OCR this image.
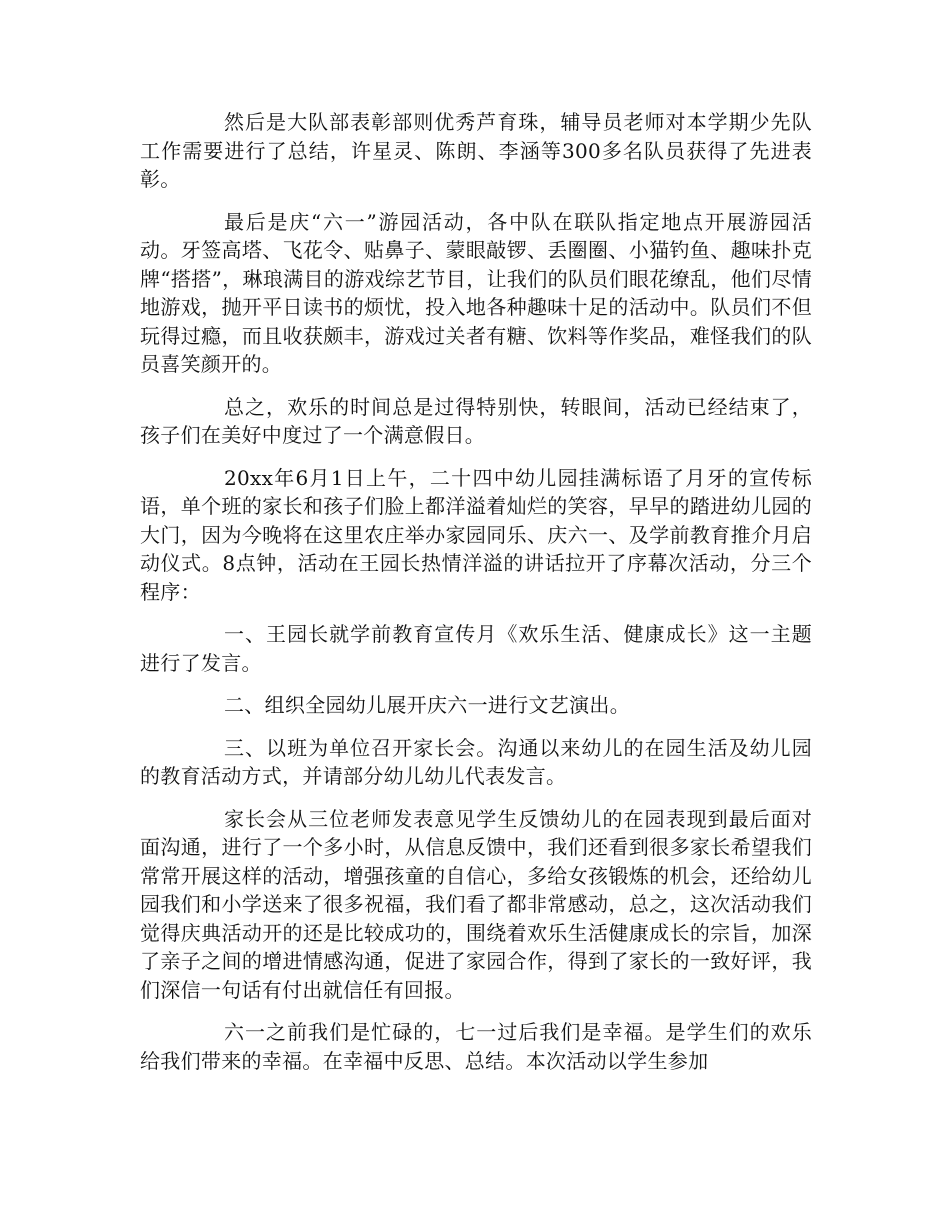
然后是大队部表彰部则优秀芦育珠，辅导员老师对本学期少先队工作需要进行了总结，许星灵、陈朗、李涵等300多名队员获得了先进表彰。

最后是庆“六一”游园活动，各中队在联队指定地点开展游园活动。牙签高塔、飞花令、贴鼻子、蒙眼敲锣、丢圈圈、小猫钓鱼、趣味扑克牌“搭搭”，琳琅满目的游戏综艺节目，让我们的队员们眼花缭乱，他们尽情地游戏，抛开平日读书的烦忧，投入地各种趣味十足的活动中。队员们不但玩得过瘾，而且收获颇丰，游戏过关者有糖、饮料等作奖品，难怪我们的队员喜笑颜开的。

总之，欢乐的时间总是过得特别快，转眼间，活动已经结束了，孩子们在美好中度过了一个满意假日。

20xx年6月1日上午，二十四中幼儿园挂满标语了月牙的宣传标语，单个班的家长和孩子们脸上都洋溢着灿烂的笑容，早早的踏进幼儿园的大门，因为今晚将在这里农庄举办家园同乐、庆六一、及学前教育推介月启动仪式。8点钟，活动在王园长热情洋溢的讲话拉开了序幕次活动，分三个程序：

一、王园长就学前教育宣传月《欢乐生活、健康成长》这一主题进行了发言。

二、组织全园幼儿展开庆六一进行文艺演出。

三、以班为单位召开家长会。沟通以来幼儿的在园生活及幼儿园的教育活动方式，并请部分幼儿幼儿代表发言。

家长会从三位老师发表意见学生反馈幼儿的在园表现到最后面对面沟通，进行了一个多小时，从信息反馈中，我们还看到很多家长希望我们常常开展这样的活动，增强孩童的自信心，多给女孩锻炼的机会，还给幼儿园我们和小学送来了很多祝福，我们看了都非常感动，总之，这次活动我们觉得庆典活动开的还是比较成功的，围绕着欢乐生活健康成长的宗旨，加深了亲子之间的增进情感沟通，促进了家园合作，得到了家长的一致好评，我们深信一句话有付出就信任有回报。

六一之前我们是忙碌的，七一过后我们是幸福。是学生们的欢乐给我们带来的幸福。在幸福中反思、总结。本次活动以学生参加
